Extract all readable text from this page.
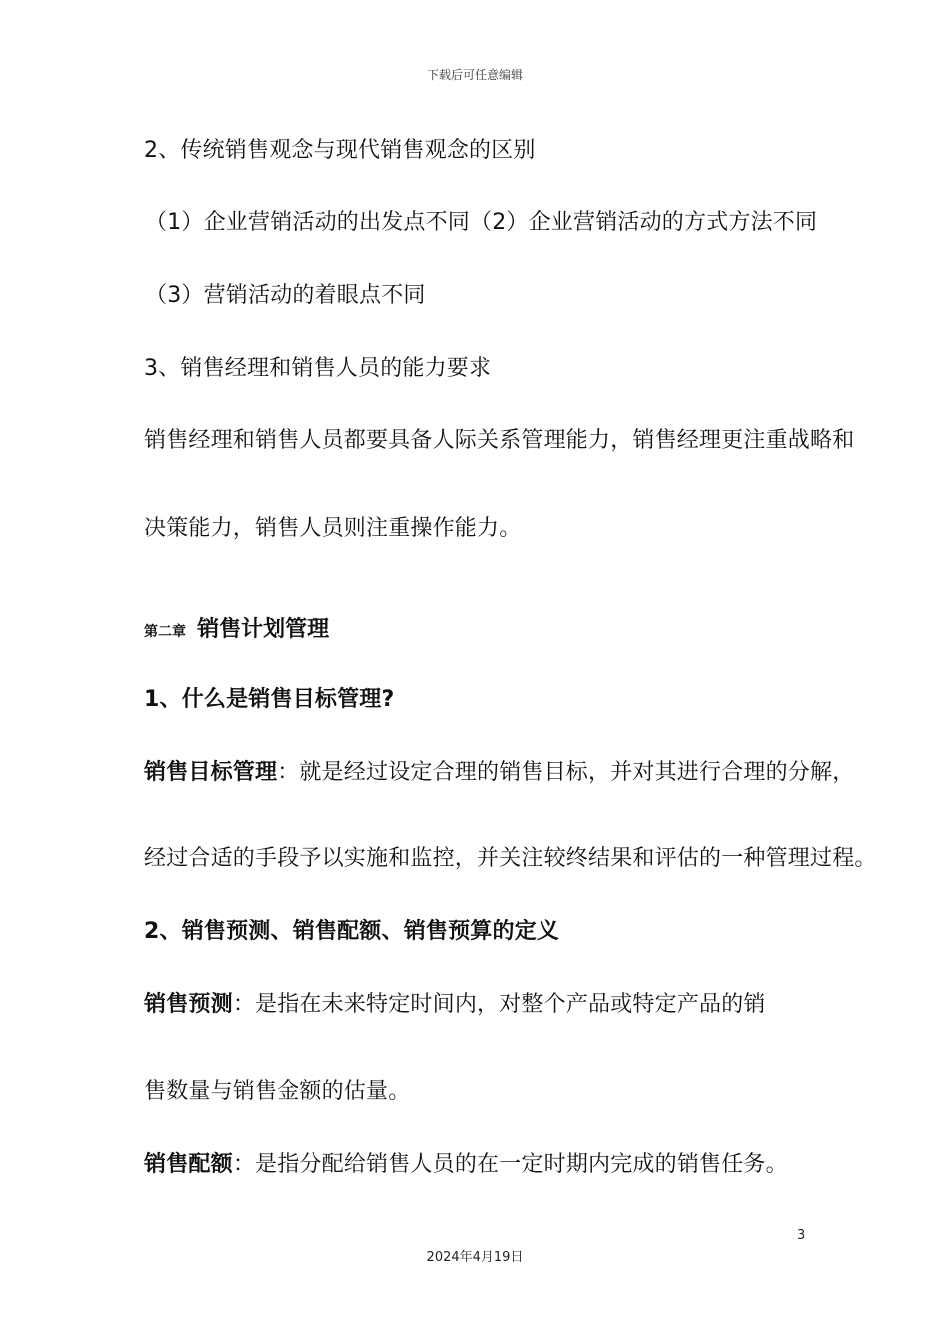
下载后可任意编辑
2、传统销售观念与现代销售观念的区别
（1）企业营销活动的出发点不同（2）企业营销活动的方式方法不同
（3）营销活动的着眼点不同
3、销售经理和销售人员的能力要求
销售经理和销售人员都要具备人际关系管理能力，销售经理更注重战略和
决策能力，销售人员则注重操作能力。
第二章 销售计划管理
1、什么是销售目标管理?
销售目标管理：就是经过设定合理的销售目标，并对其进行合理的分解，
经过合适的手段予以实施和监控，并关注较终结果和评估的一种管理过程。
2、销售预测、销售配额、销售预算的定义
销售预测：是指在未来特定时间内，对整个产品或特定产品的销
售数量与销售金额的估量。
销售配额：是指分配给销售人员的在一定时期内完成的销售任务。
3
2024年4月19日
